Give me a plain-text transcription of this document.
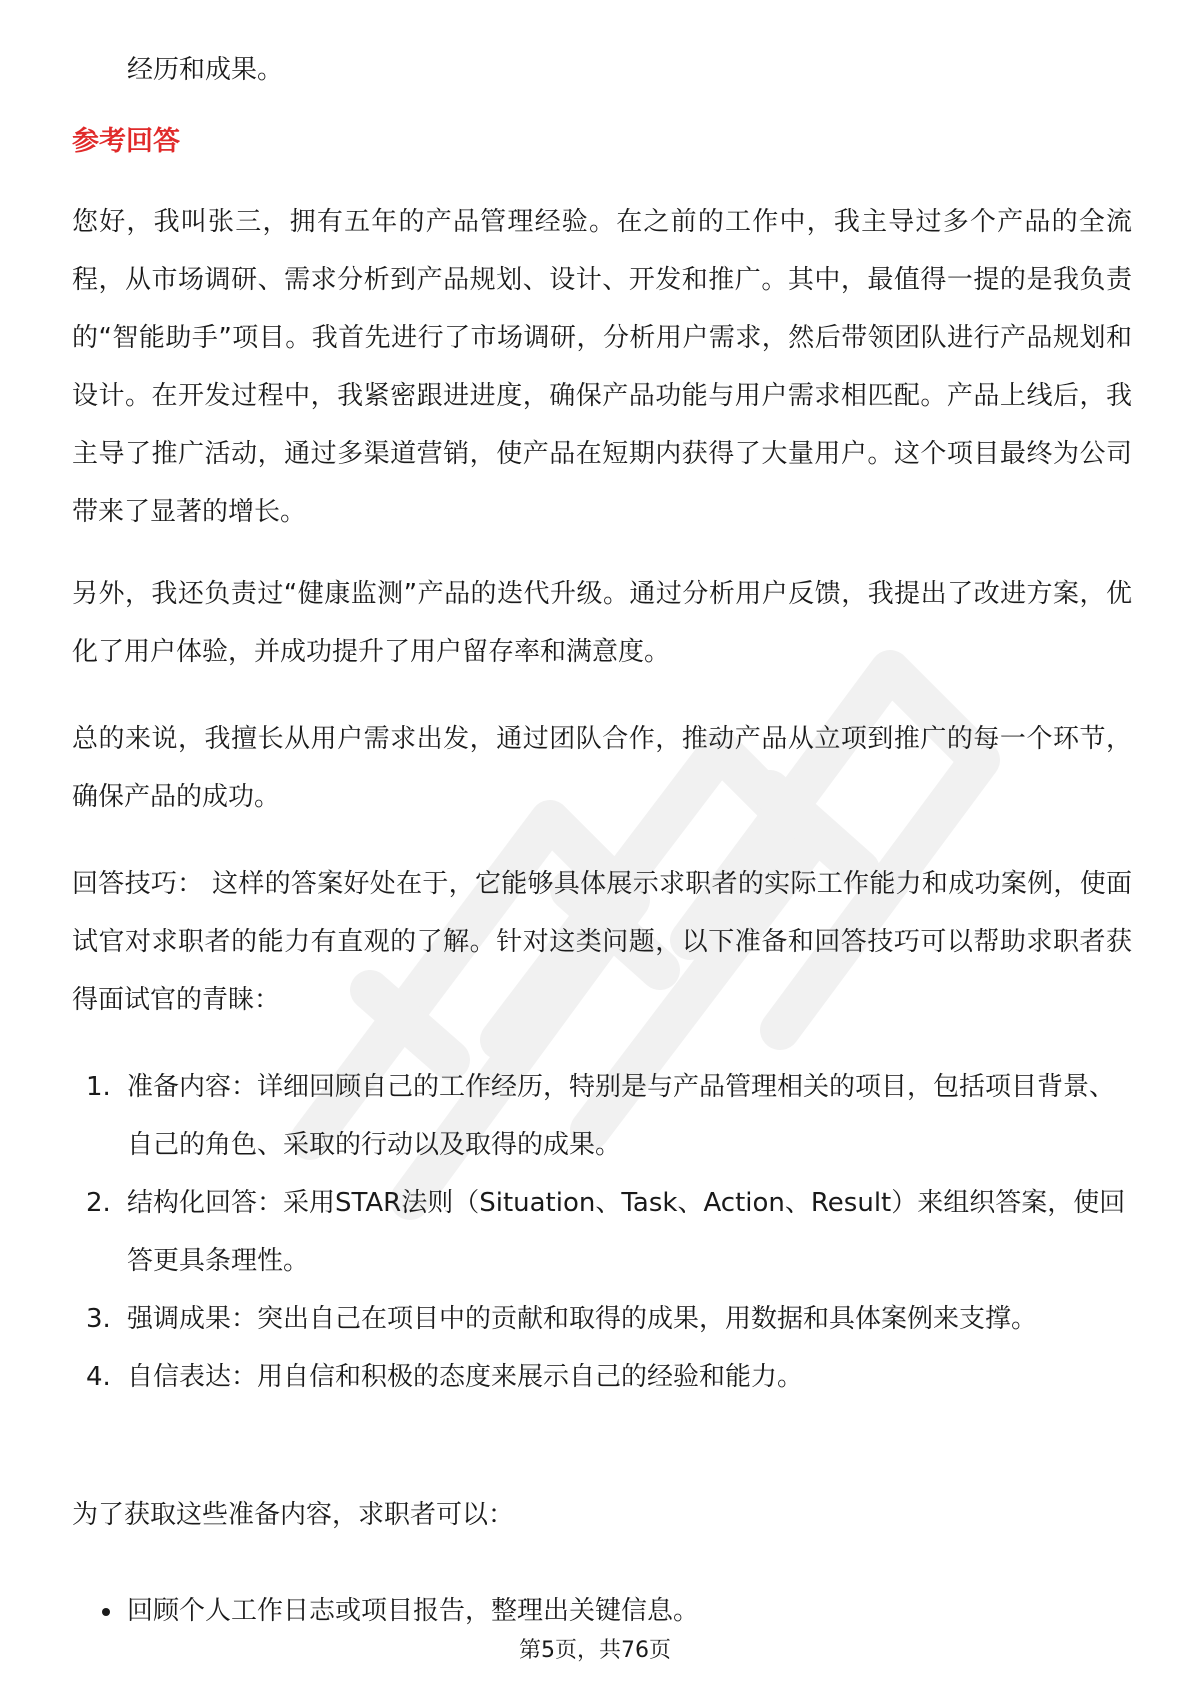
经历和成果。
参考回答

您好，我叫张三，拥有五年的产品管理经验。在之前的工作中，我主导过多个产品的全流程，从市场调研、需求分析到产品规划、设计、开发和推广。其中，最值得一提的是我负责的“智能助手”项目。我首先进行了市场调研，分析用户需求，然后带领团队进行产品规划和设计。在开发过程中，我紧密跟进进度，确保产品功能与用户需求相匹配。产品上线后，我主导了推广活动，通过多渠道营销，使产品在短期内获得了大量用户。这个项目最终为公司带来了显著的增长。

另外，我还负责过“健康监测”产品的迭代升级。通过分析用户反馈，我提出了改进方案，优化了用户体验，并成功提升了用户留存率和满意度。

总的来说，我擅长从用户需求出发，通过团队合作，推动产品从立项到推广的每一个环节，确保产品的成功。

回答技巧： 这样的答案好处在于，它能够具体展示求职者的实际工作能力和成功案例，使面试官对求职者的能力有直观的了解。针对这类问题，以下准备和回答技巧可以帮助求职者获得面试官的青睐：

1. 准备内容：详细回顾自己的工作经历，特别是与产品管理相关的项目，包括项目背景、自己的角色、采取的行动以及取得的成果。
2. 结构化回答：采用STAR法则（Situation、Task、Action、Result）来组织答案，使回答更具条理性。
3. 强调成果：突出自己在项目中的贡献和取得的成果，用数据和具体案例来支撑。
4. 自信表达：用自信和积极的态度来展示自己的经验和能力。

为了获取这些准备内容，求职者可以：

回顾个人工作日志或项目报告，整理出关键信息。
第5页，共76页
